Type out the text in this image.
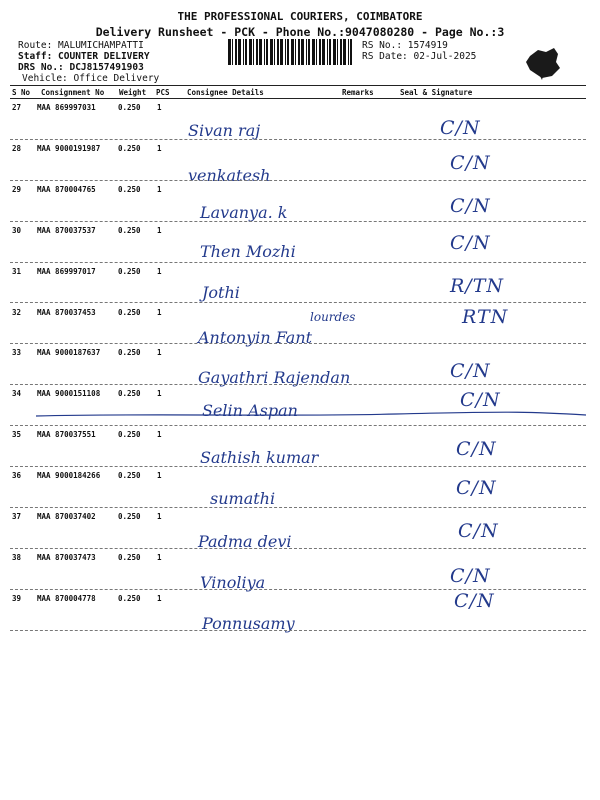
THE PROFESSIONAL COURIERS, COIMBATORE
Delivery Runsheet - PCK - Phone No.:9047080280 - Page No.:3
Route: MALUMICHAMPATTI
Staff: COUNTER DELIVERY
DRS No.: DCJ8157491903
Vehicle: Office Delivery
RS No.: 1574919
RS Date: 02-Jul-2025
S No Consignment No Weight PCS Consignee Details	Remarks	Seal & Signature
27 MAA 869997031	0.250 1
Sivan raj	C/N
28 MAA 9000191987 0.250 1
venkatesh
C/N
29 MAA 870004765	0.250 1
Lavanya. k	C/N
30 MAA 870037537	0.250 1
Then Mozhi	C/N
31 MAA 869997017	0.250 1
Jothi	R/TN
32 MAA 870037453	0.250 1
Antonyin Fant
lourdes	RTN
33 MAA 9000187637 0.250 1
Gayathri Rajendan	C/N
34 MAA 9000151108 0.250 1
Selin Aspan	C/N
35 MAA 870037551	0.250 1
Sathish kumar	C/N
36 MAA 9000184266 0.250 1
sumathi	C/N
37 MAA 870037402	0.250 1
Padma devi	C/N
38 MAA 870037473	0.250 1
Vinoliya	C/N
39 MAA 870004778	0.250 1
Ponnusamy
C/N
